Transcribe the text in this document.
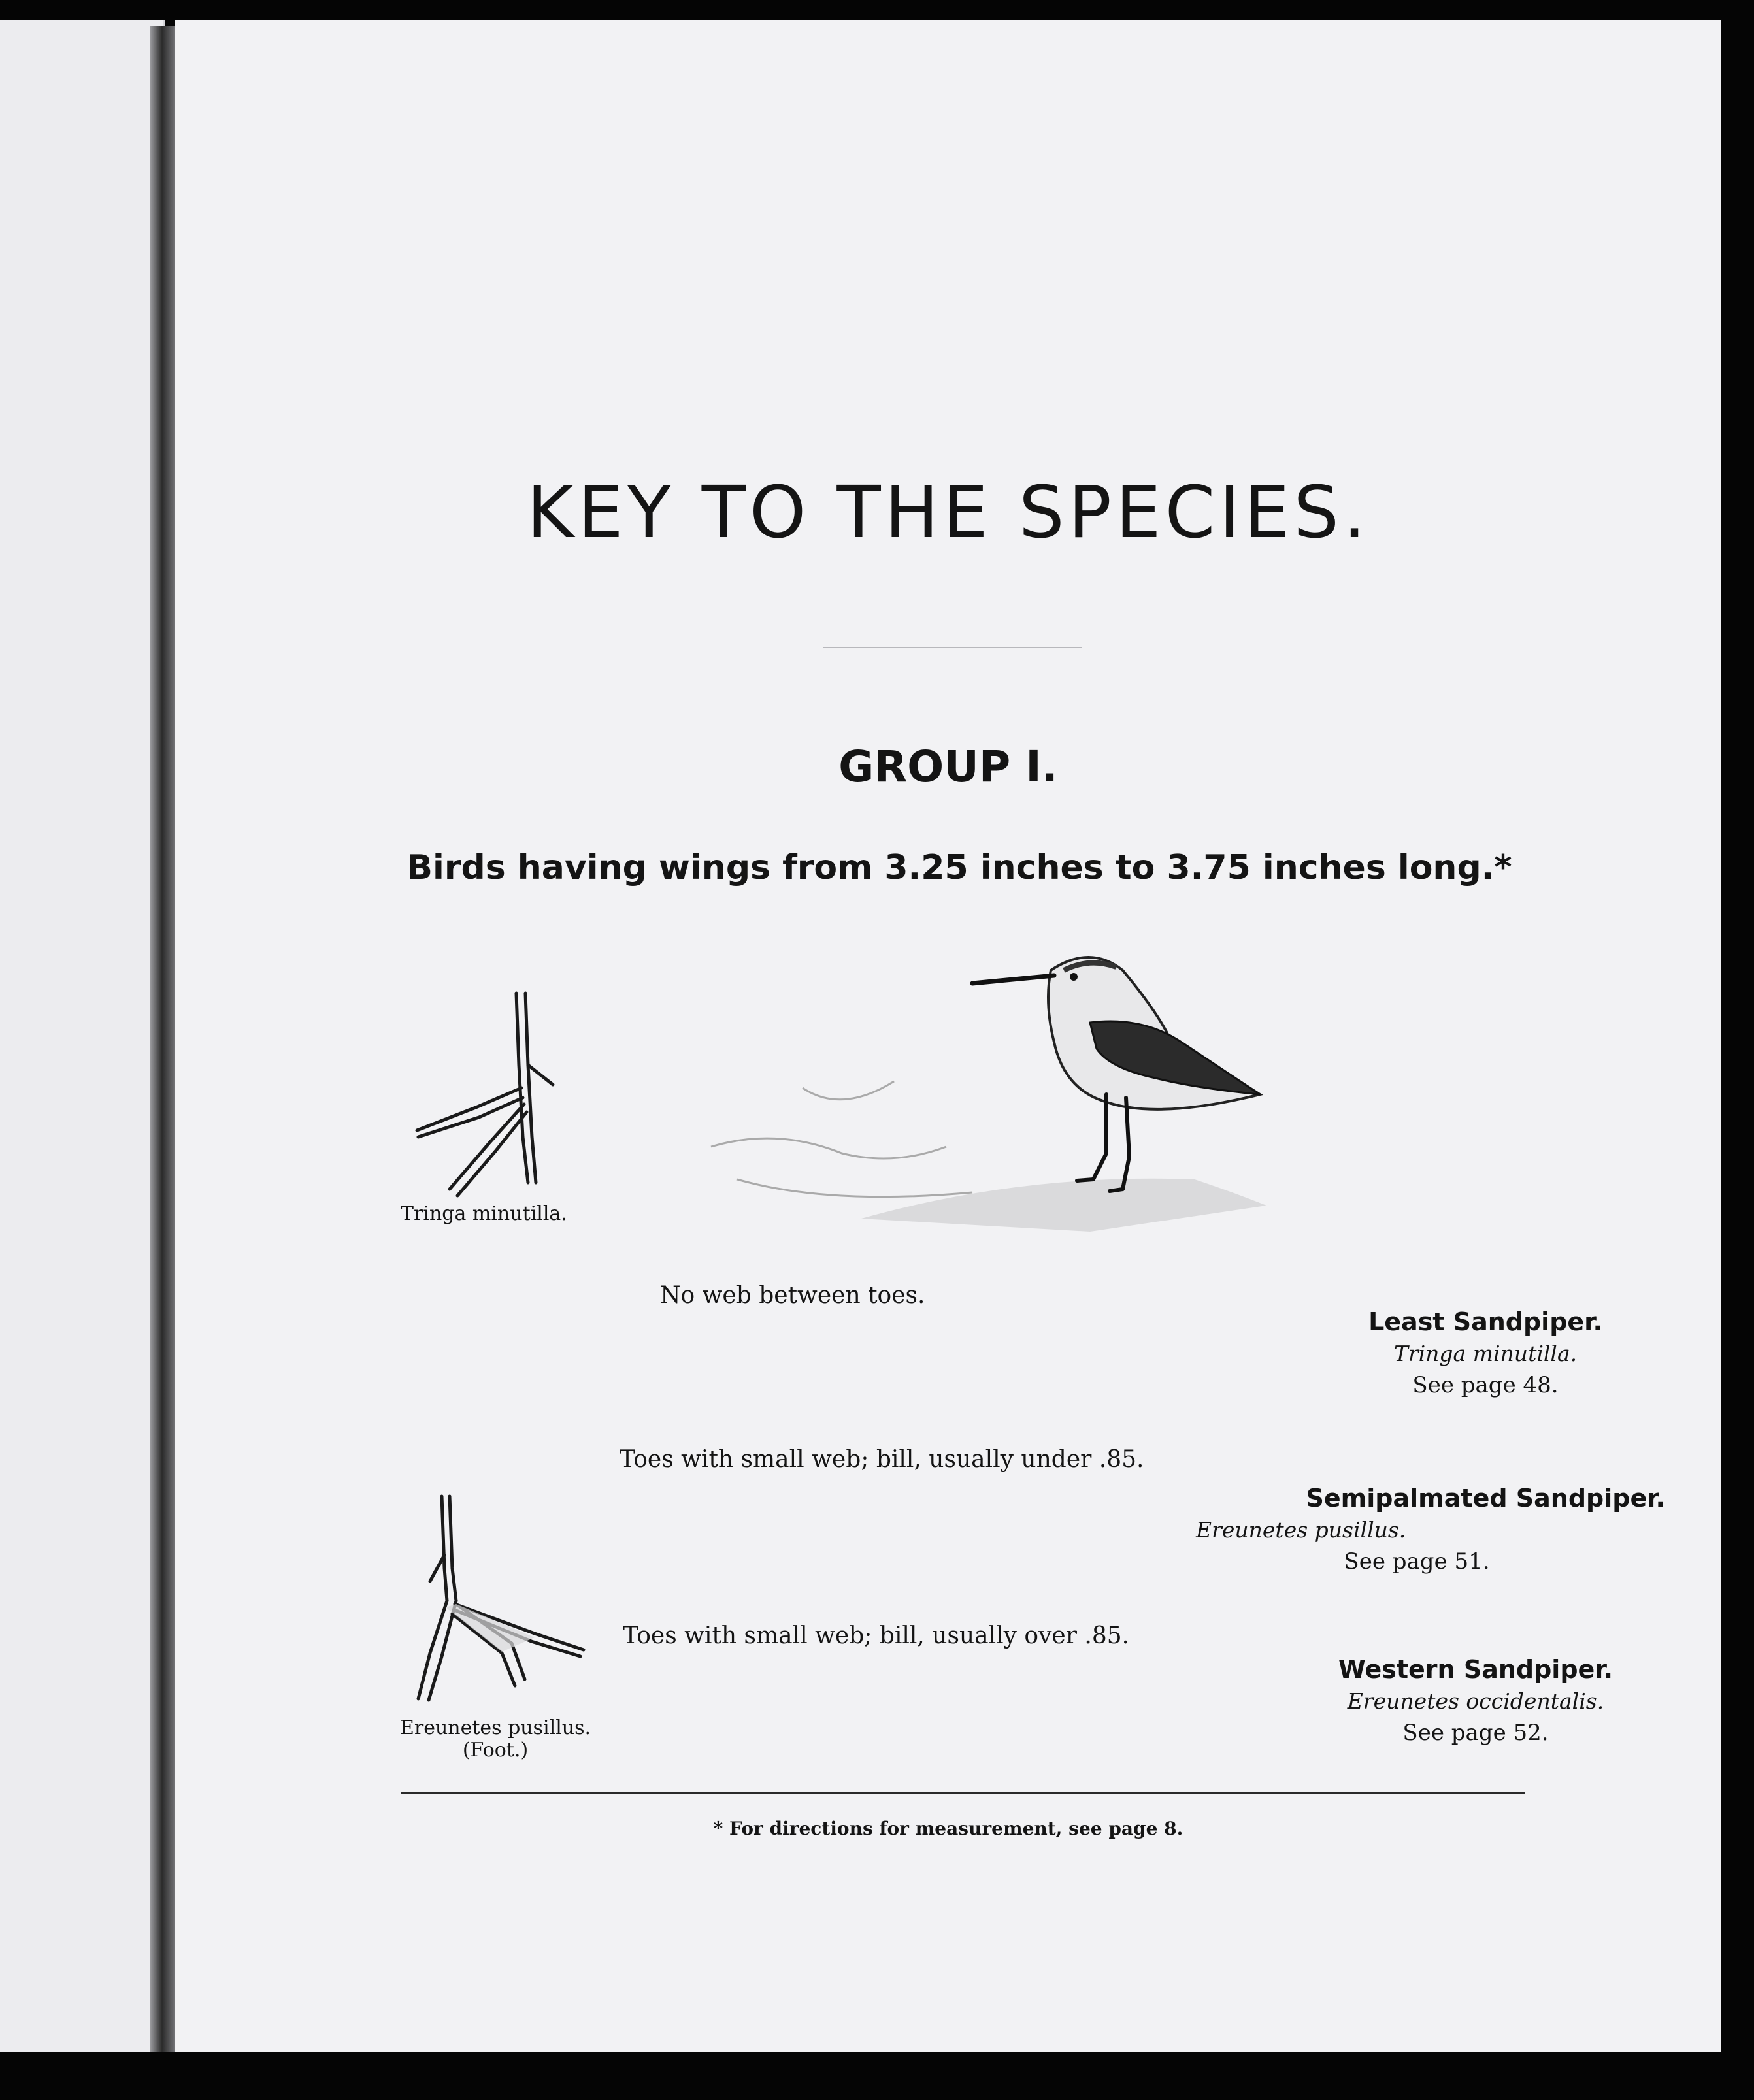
KEY TO THE SPECIES.
GROUP I.

Birds having wings from 3.25 inches to 3.75 inches long.*

Tringa minutilla.
No web between toes.
Least Sandpiper.
Tringa minutilla.
See page 48.
Ereunetes pusillus.
(Foot.)
Toes with small web; bill, usually under .85.
Semipalmated Sandpiper.
Ereunetes pusillus.
See page 51.
Toes with small web; bill, usually over .85.
Western Sandpiper.
Ereunetes occidentalis.
See page 52.
* For directions for measurement, see page 8.
